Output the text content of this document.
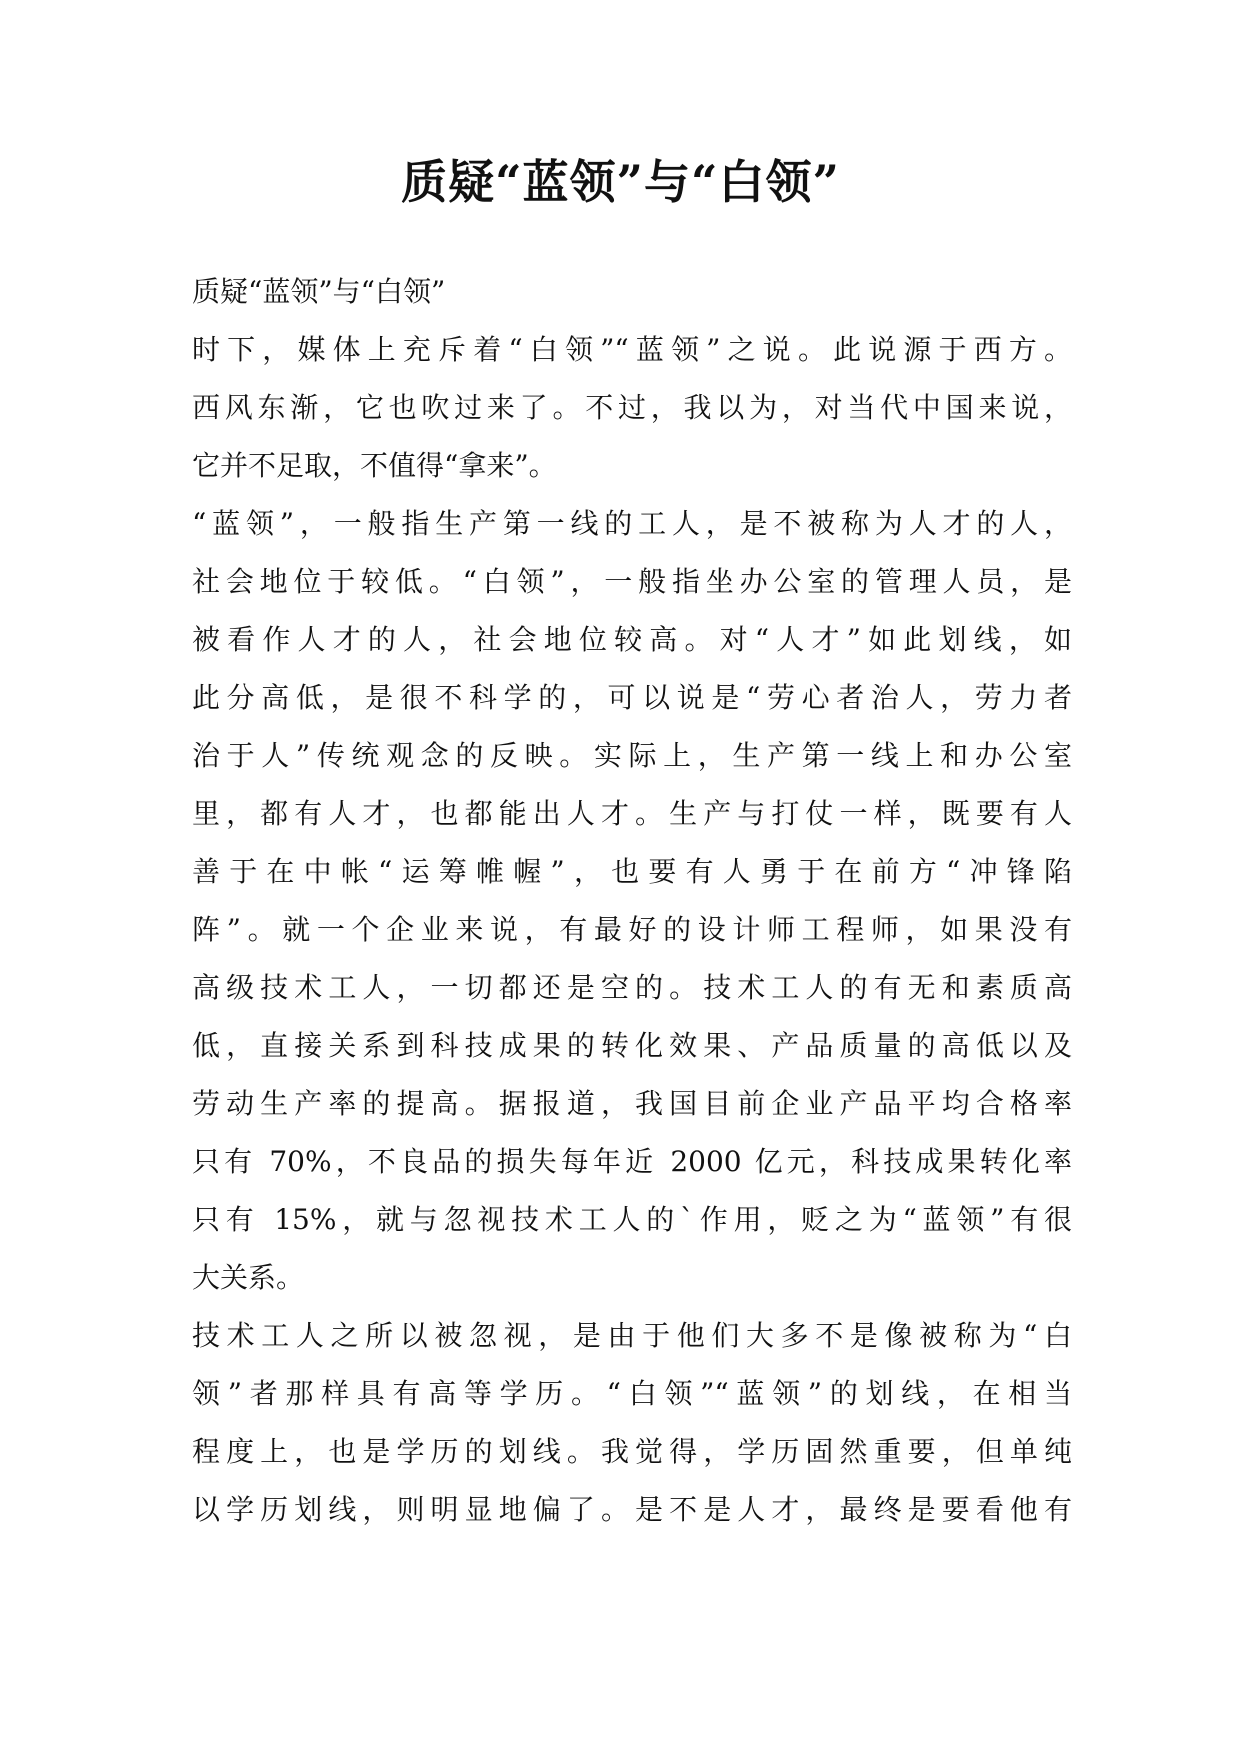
质疑“蓝领”与“白领”
质疑“蓝领”与“白领”
时下，媒体上充斥着“白领”“蓝领”之说。此说源于西方。
西风东渐，它也吹过来了。不过，我以为，对当代中国来说，
它并不足取，不值得“拿来”。
“蓝领”，一般指生产第一线的工人，是不被称为人才的人，
社会地位于较低。“白领”，一般指坐办公室的管理人员，是
被看作人才的人，社会地位较高。对“人才”如此划线，如
此分高低，是很不科学的，可以说是“劳心者治人，劳力者
治于人”传统观念的反映。实际上，生产第一线上和办公室
里，都有人才，也都能出人才。生产与打仗一样，既要有人
善于在中帐“运筹帷幄”，也要有人勇于在前方“冲锋陷
阵”。就一个企业来说，有最好的设计师工程师，如果没有
高级技术工人，一切都还是空的。技术工人的有无和素质高
低，直接关系到科技成果的转化效果、产品质量的高低以及
劳动生产率的提高。据报道，我国目前企业产品平均合格率
只有 70%，不良品的损失每年近 2000 亿元，科技成果转化率
只有 15%，就与忽视技术工人的`作用，贬之为“蓝领”有很
大关系。
技术工人之所以被忽视，是由于他们大多不是像被称为“白
领”者那样具有高等学历。“白领”“蓝领”的划线，在相当
程度上，也是学历的划线。我觉得，学历固然重要，但单纯
以学历划线，则明显地偏了。是不是人才，最终是要看他有
